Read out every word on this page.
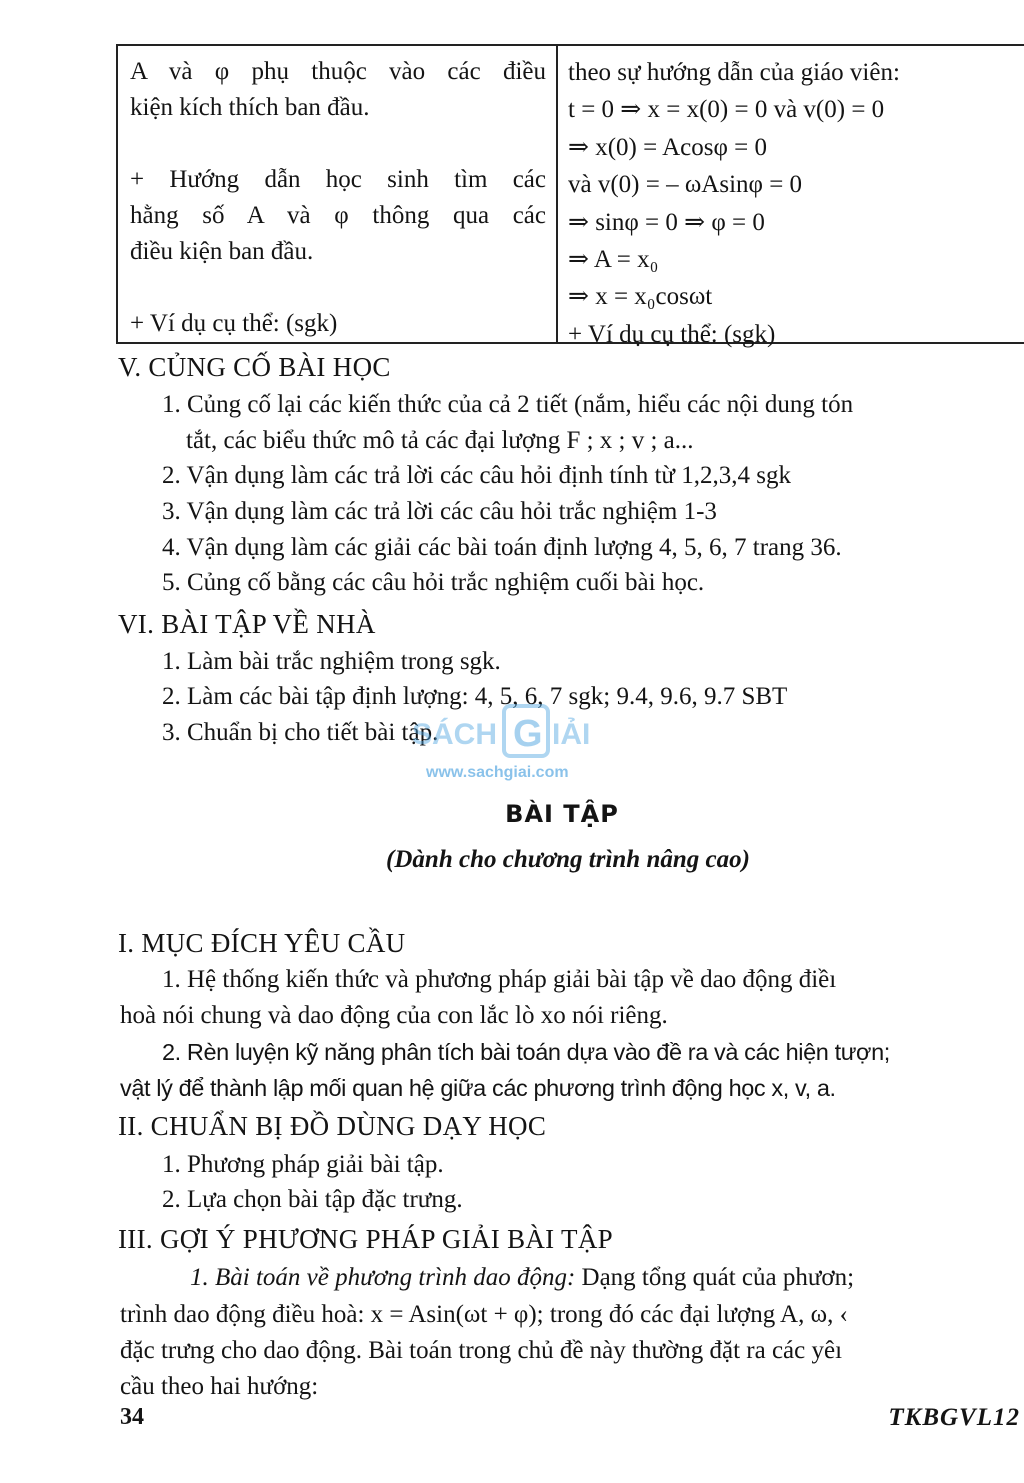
A và φ phụ thuộc vào các điều
kiện kích thích ban đầu.
+ Hướng dẫn học sinh tìm các
hằng số A và φ thông qua các
điều kiện ban đầu.
+ Ví dụ cụ thể: (sgk)
theo sự hướng dẫn của giáo viên:
t = 0 ⇒ x = x(0) = 0 và v(0) = 0
⇒ x(0) = Acosφ = 0
và v(0) = – ωAsinφ = 0
⇒ sinφ = 0 ⇒ φ = 0
⇒ A = x₀
⇒ x = x₀cosωt
+ Ví dụ cụ thể: (sgk)
V. CỦNG CỐ BÀI HỌC
1. Củng cố lại các kiến thức của cả 2 tiết (nắm, hiểu các nội dung tón
tắt, các biểu thức mô tả các đại lượng F ; x ; v ; a...
2. Vận dụng làm các trả lời các câu hỏi định tính từ 1,2,3,4 sgk
3. Vận dụng làm các trả lời các câu hỏi trắc nghiệm 1-3
4. Vận dụng làm các giải các bài toán định lượng 4, 5, 6, 7 trang 36.
5. Củng cố bằng các câu hỏi trắc nghiệm cuối bài học.
VI. BÀI TẬP VỀ NHÀ
1. Làm bài trắc nghiệm trong sgk.
2. Làm các bài tập định lượng: 4, 5, 6, 7 sgk; 9.4, 9.6, 9.7 SBT
3. Chuẩn bị cho tiết bài tập.
SÁCH G IẢI
www.sachgiai.com
BÀI TẬP
(Dành cho chương trình nâng cao)
I. MỤC ĐÍCH YÊU CẦU
1. Hệ thống kiến thức và phương pháp giải bài tập về dao động điềı
hoà nói chung và dao động của con lắc lò xo nói riêng.
2. Rèn luyện kỹ năng phân tích bài toán dựa vào đề ra và các hiện tượn;
vật lý để thành lập mối quan hệ giữa các phương trình động học x, v, a.
II. CHUẨN BỊ ĐỒ DÙNG DẠY HỌC
1. Phương pháp giải bài tập.
2. Lựa chọn bài tập đặc trưng.
III. GỢI Ý PHƯƠNG PHÁP GIẢI BÀI TẬP
1. Bài toán về phương trình dao động: Dạng tổng quát của phươn;
trình dao động điều hoà: x = Asin(ωt + φ); trong đó các đại lượng A, ω, ‹
đặc trưng cho dao động. Bài toán trong chủ đề này thường đặt ra các yêı
cầu theo hai hướng:
34	TKBGVL12
